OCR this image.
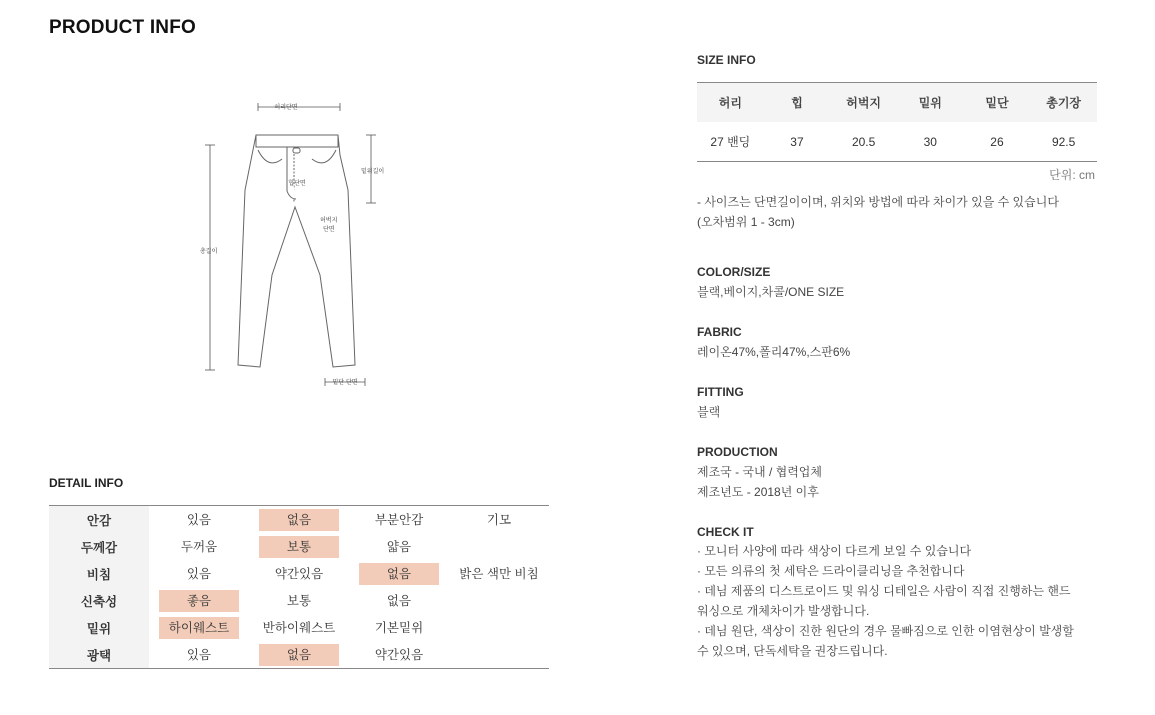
PRODUCT INFO
허리단면
밑위길이
힙단면
허벅지
단면
총길이
밑단 단면
DETAIL INFO
안감	있음	없음	부분안감	기모

두께감	두꺼움	보통	얇음	

비침	있음	약간있음	없음	밝은 색만 비침

신축성	좋음	보통	없음	

밑위	하이웨스트	반하이웨스트	기본밑위	

광택	있음	없음	약간있음	

SIZE INFO
허리	힙	허벅지	밑위	밑단	총기장
27 밴딩	37	20.5	30	26	92.5
단위: cm
- 사이즈는 단면길이이며, 위치와 방법에 따라 차이가 있을 수 있습니다
(오차범위 1 - 3cm)
COLOR/SIZE
블랙,베이지,차콜/ONE SIZE
FABRIC
레이온47%,폴리47%,스판6%
FITTING
블랙
PRODUCTION
제조국 - 국내 / 협력업체
제조년도 - 2018년 이후
CHECK IT
· 모니터 사양에 따라 색상이 다르게 보일 수 있습니다
· 모든 의류의 첫 세탁은 드라이클리닝을 추천합니다
· 데님 제품의 디스트로이드 및 워싱 디테일은 사람이 직접 진행하는 핸드
워싱으로 개체차이가 발생합니다.
· 데님 원단, 색상이 진한 원단의 경우 물빠짐으로 인한 이염현상이 발생할
수 있으며, 단독세탁을 권장드립니다.
